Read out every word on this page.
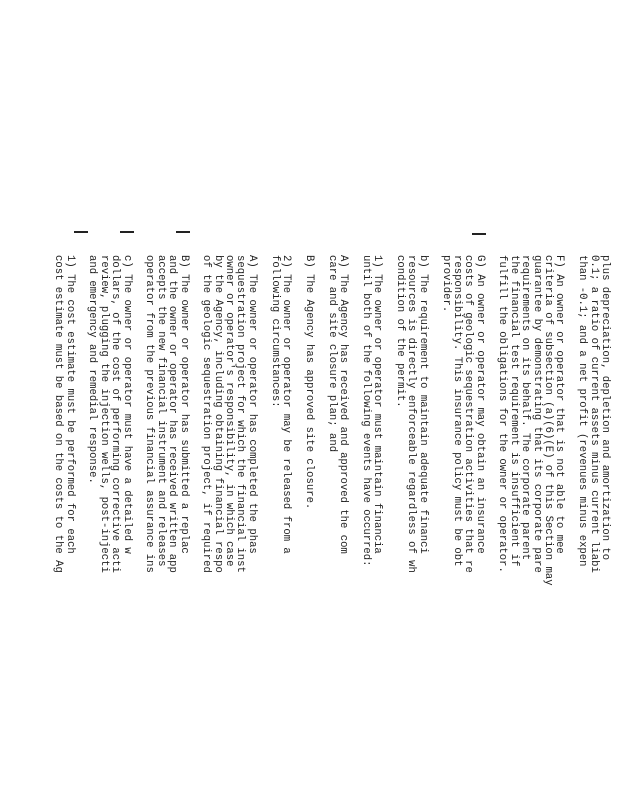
plus depreciation, depletion and amortization to
0.1; a ratio of current assets minus current liabi
than -0.1; and a net profit (revenues minus expen
F) An owner or operator that is not able to mee
criteria of subsection (a)(6)(E) of this Section may
guarantee by demonstrating that its corporate pare
requirements on its behalf. The corporate parent
the financial test requirement is insufficient if
fulfill the obligations for the owner or operator.
G) An owner or operator may obtain an insurance
costs of geologic sequestration activities that re
responsibility. This insurance policy must be obt
provider.
b) The requirement to maintain adequate financi
resources is directly enforceable regardless of wh
condition of the permit.
1) The owner or operator must maintain financia
until both of the following events have occurred:
A) The Agency has received and approved the com
care and site closure plan; and
B) The Agency has approved site closure.
2) The owner or operator may be released from a
following circumstances:
A) The owner or operator has completed the phas
sequestration project for which the financial inst
owner or operator's responsibility, in which case
by the Agency, including obtaining financial respo
of the geologic sequestration project, if required
B) The owner or operator has submitted a replac
and the owner or operator has received written app
accepts the new financial instrument and releases
operator from the previous financial assurance ins
c) The owner or operator must have a detailed w
dollars, of the cost of performing corrective acti
review, plugging the injection wells, post-injecti
and emergency and remedial response.
1) The cost estimate must be performed for each
cost estimate must be based on the costs to the Ag
